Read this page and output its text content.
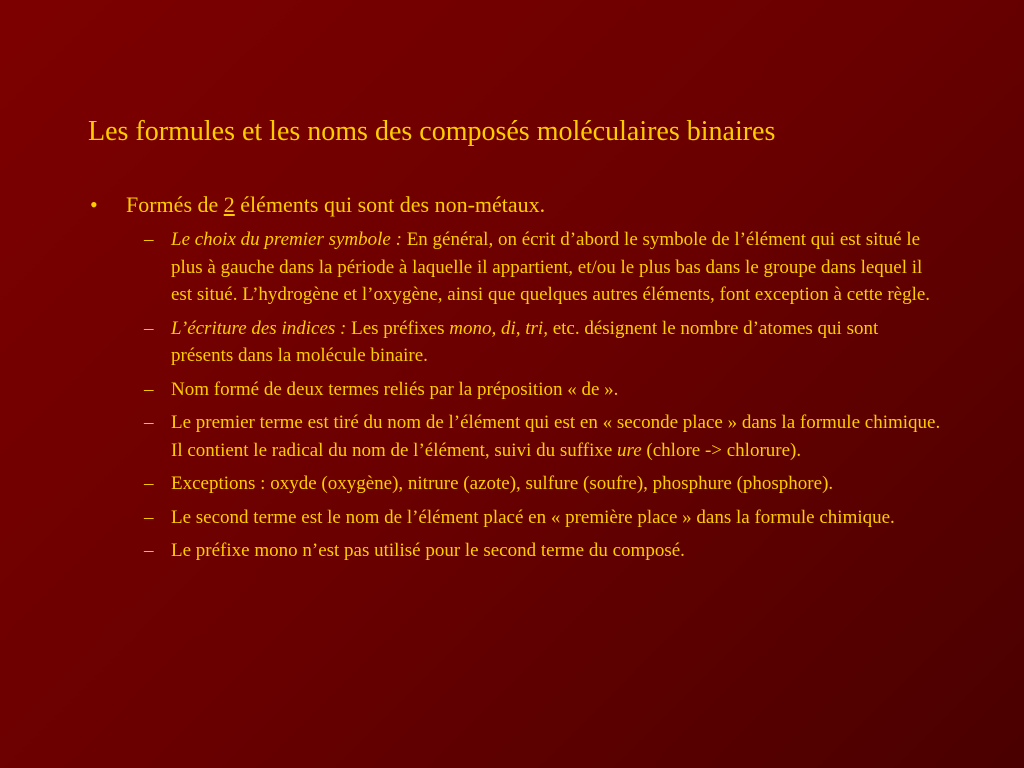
Les formules et les noms des composés moléculaires binaires
• Formés de 2 éléments qui sont des non-métaux.
– Le choix du premier symbole : En général, on écrit d’abord le symbole de l’élément qui est situé le plus à gauche dans la période à laquelle il appartient, et/ou le plus bas dans le groupe dans lequel il est situé. L’hydrogène et l’oxygène, ainsi que quelques autres éléments, font exception à cette règle.
– L’écriture des indices : Les préfixes mono, di, tri, etc. désignent le nombre d’atomes qui sont présents dans la molécule binaire.
– Nom formé de deux termes reliés par la préposition « de ».
– Le premier terme est tiré du nom de l’élément qui est en « seconde place » dans la formule chimique. Il contient le radical du nom de l’élément, suivi du suffixe ure (chlore -> chlorure).
– Exceptions : oxyde (oxygène), nitrure (azote), sulfure (soufre), phosphure (phosphore).
– Le second terme est le nom de l’élément placé en « première place » dans la formule chimique.
– Le préfixe mono n’est pas utilisé pour le second terme du composé.
